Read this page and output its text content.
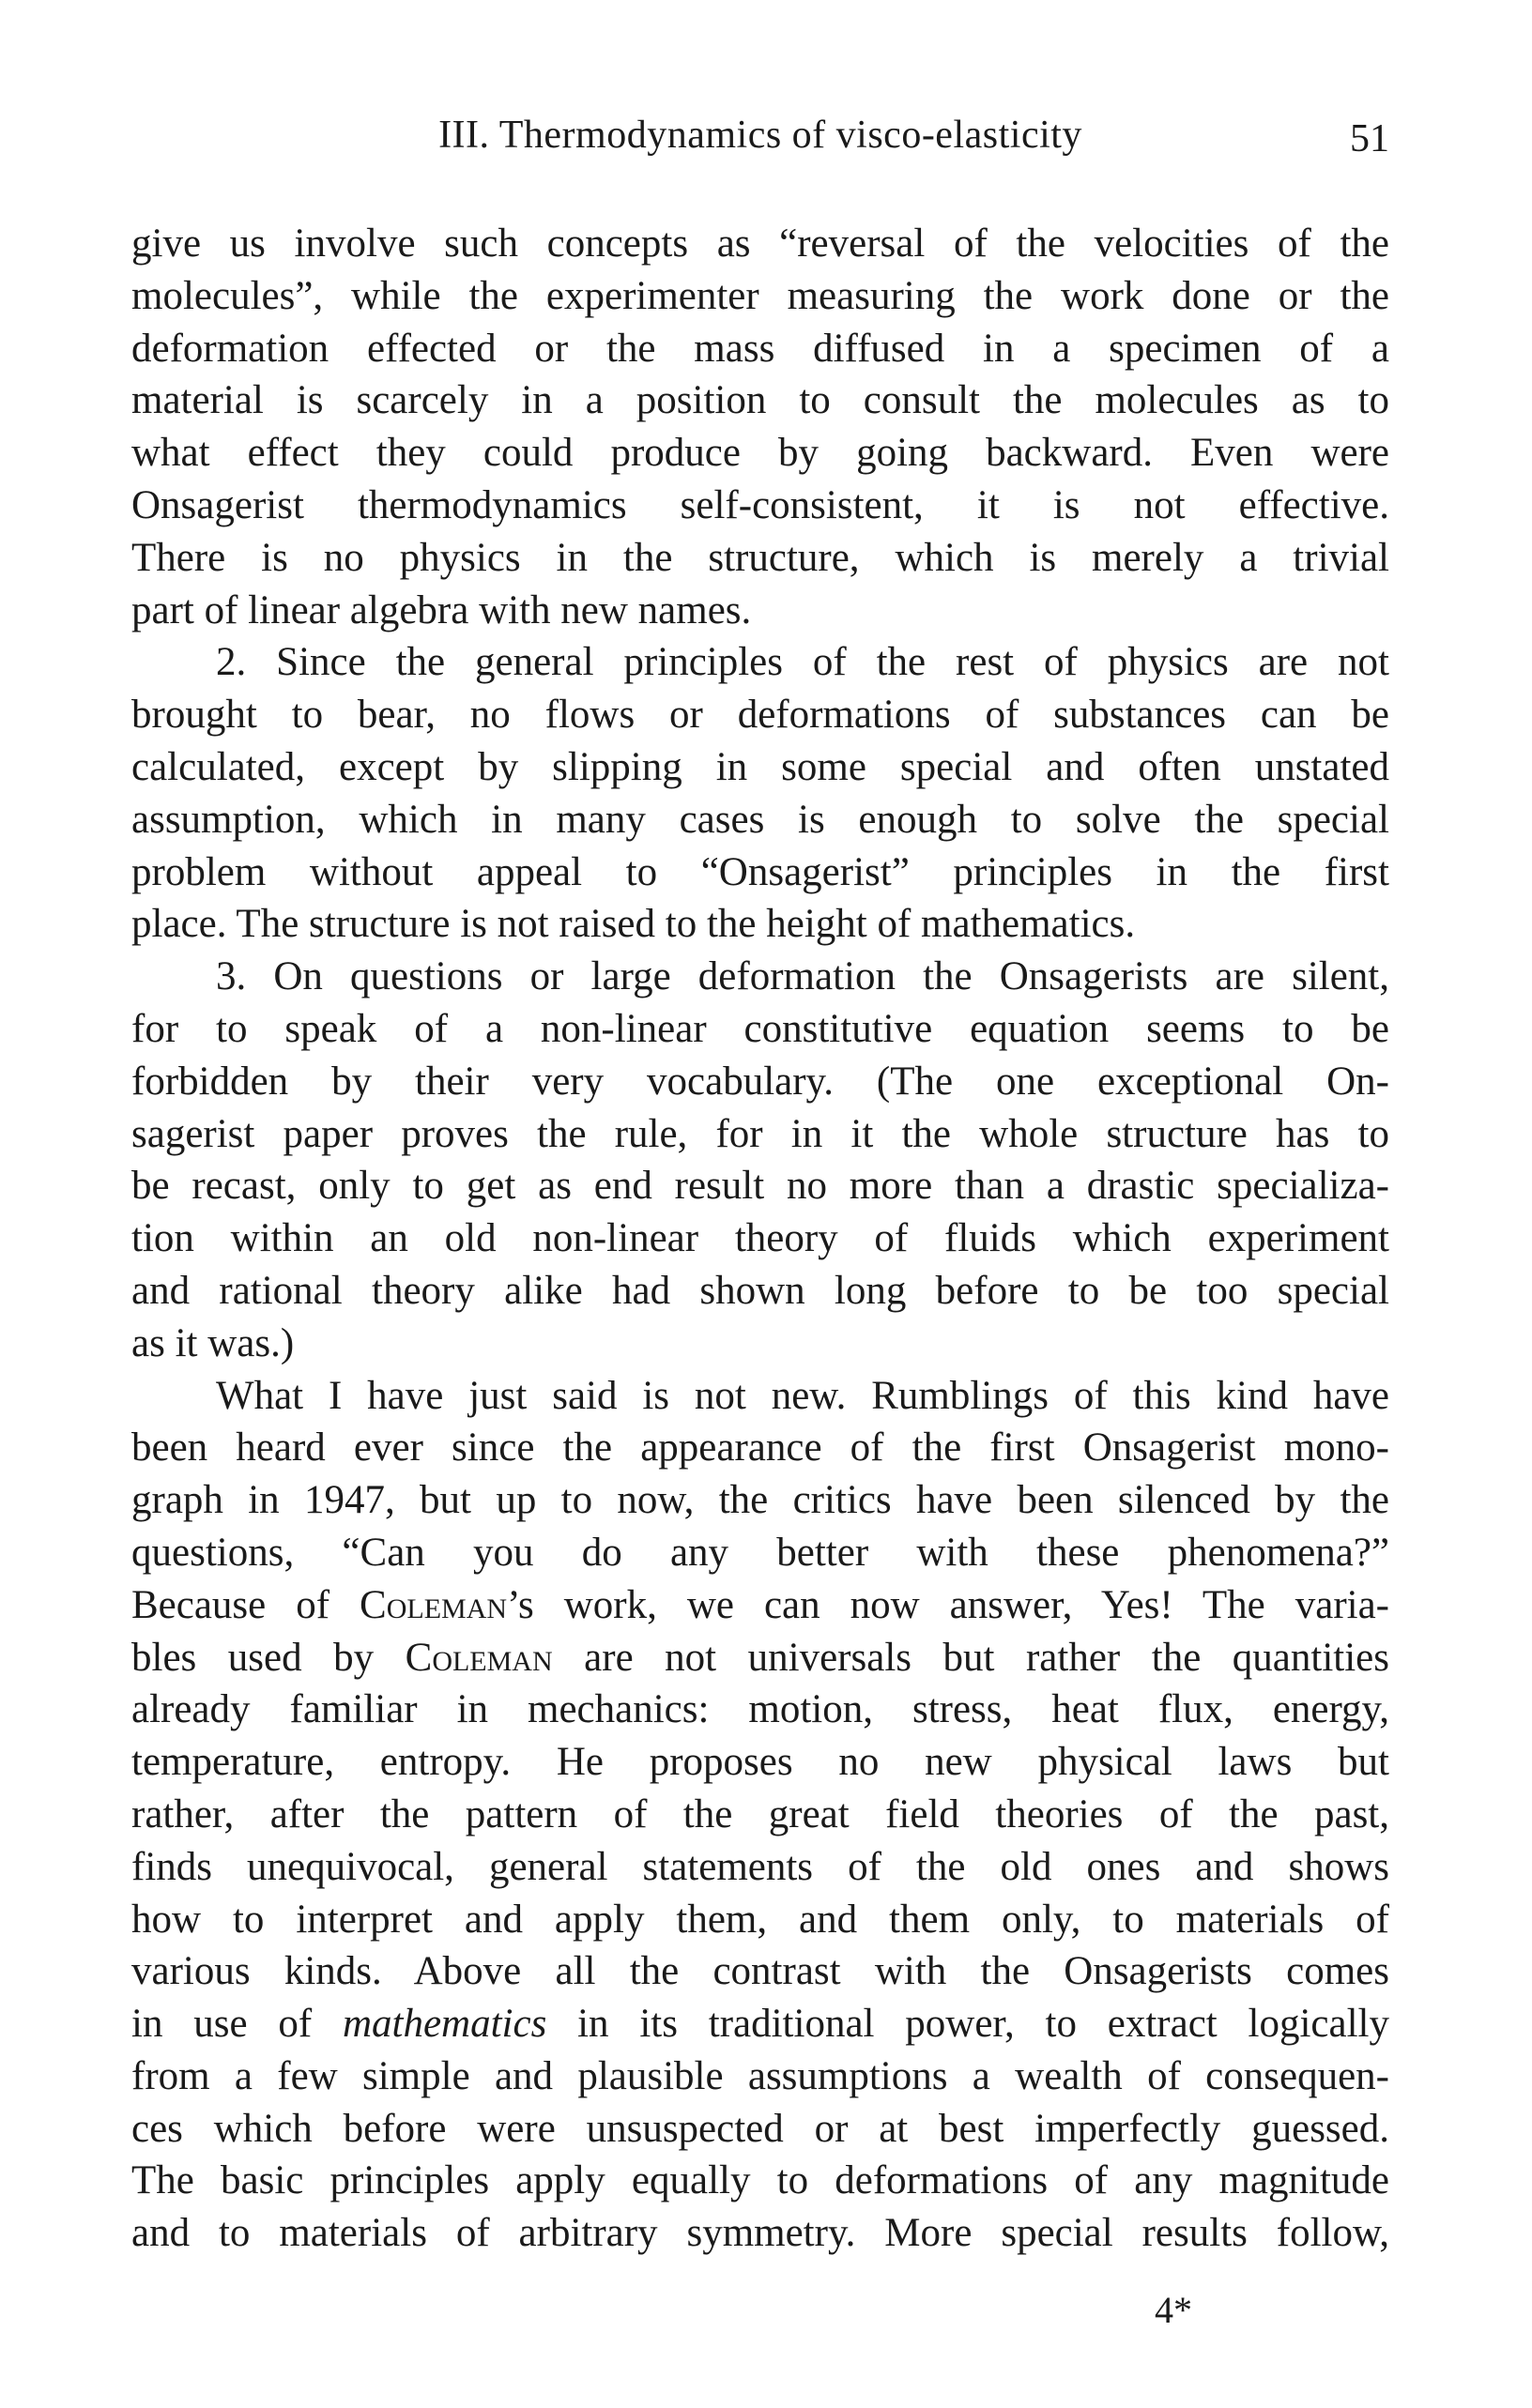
III. Thermodynamics of visco-elasticity	51
give us involve such concepts as “reversal of the velocities of the
molecules”, while the experimenter measuring the work done or the
deformation effected or the mass diffused in a specimen of a
material is scarcely in a position to consult the molecules as to
what effect they could produce by going backward. Even were
Onsagerist thermodynamics self-consistent, it is not effective.
There is no physics in the structure, which is merely a trivial
part of linear algebra with new names.
2. Since the general principles of the rest of physics are not
brought to bear, no flows or deformations of substances can be
calculated, except by slipping in some special and often unstated
assumption, which in many cases is enough to solve the special
problem without appeal to “Onsagerist” principles in the first
place. The structure is not raised to the height of mathematics.
3. On questions or large deformation the Onsagerists are silent,
for to speak of a non-linear constitutive equation seems to be
forbidden by their very vocabulary. (The one exceptional On-
sagerist paper proves the rule, for in it the whole structure has to
be recast, only to get as end result no more than a drastic specializa-
tion within an old non-linear theory of fluids which experiment
and rational theory alike had shown long before to be too special
as it was.)
What I have just said is not new. Rumblings of this kind have
been heard ever since the appearance of the first Onsagerist mono-
graph in 1947, but up to now, the critics have been silenced by the
questions, “Can you do any better with these phenomena?”
Because of Coleman’s work, we can now answer, Yes! The varia-
bles used by Coleman are not universals but rather the quantities
already familiar in mechanics: motion, stress, heat flux, energy,
temperature, entropy. He proposes no new physical laws but
rather, after the pattern of the great field theories of the past,
finds unequivocal, general statements of the old ones and shows
how to interpret and apply them, and them only, to materials of
various kinds. Above all the contrast with the Onsagerists comes
in use of mathematics in its traditional power, to extract logically
from a few simple and plausible assumptions a wealth of consequen-
ces which before were unsuspected or at best imperfectly guessed.
The basic principles apply equally to deformations of any magnitude
and to materials of arbitrary symmetry. More special results follow,
4*
